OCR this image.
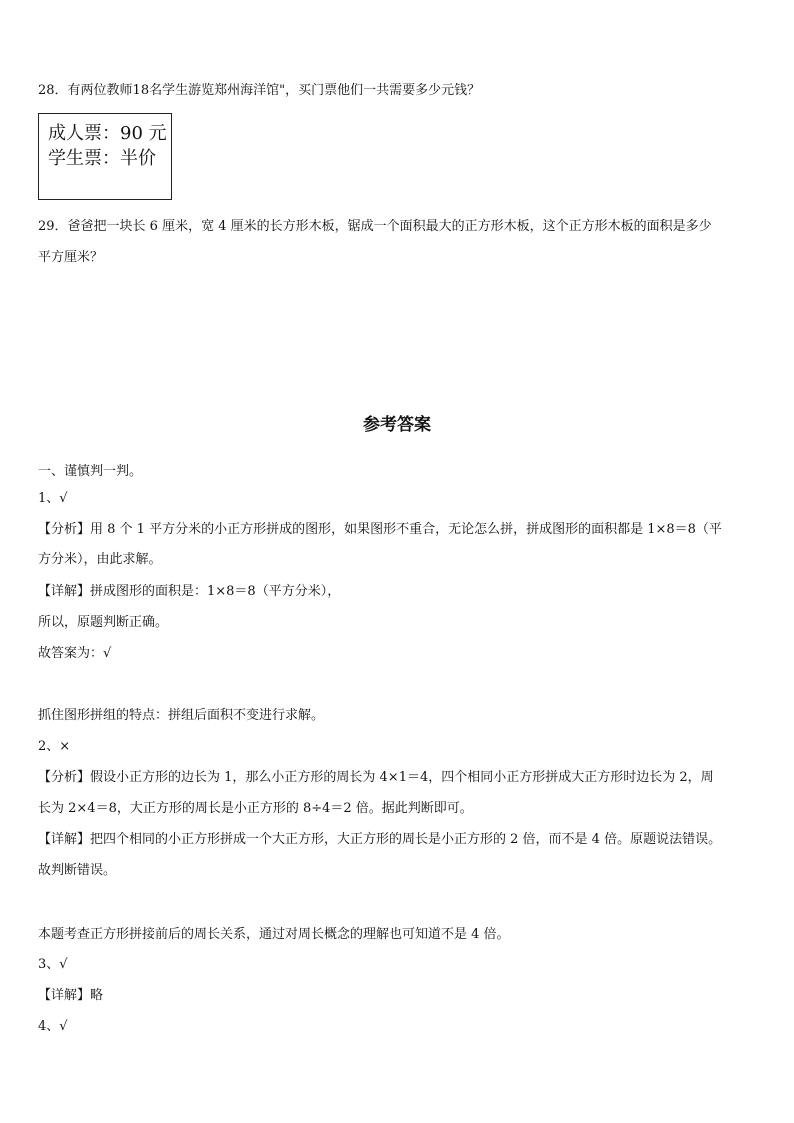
28．有两位教师18名学生游览郑州海洋馆"，买门票他们一共需要多少元钱？
成人票：90 元
学生票：半价
29．爸爸把一块长 6 厘米，宽 4 厘米的长方形木板，锯成一个面积最大的正方形木板，这个正方形木板的面积是多少
平方厘米？
参考答案
一、谨慎判一判。
1、√
【分析】用 8 个 1 平方分米的小正方形拼成的图形，如果图形不重合，无论怎么拼，拼成图形的面积都是 1×8＝8（平
方分米），由此求解。
【详解】拼成图形的面积是：1×8＝8（平方分米），
所以，原题判断正确。
故答案为：√
抓住图形拼组的特点：拼组后面积不变进行求解。
2、×
【分析】假设小正方形的边长为 1，那么小正方形的周长为 4×1＝4，四个相同小正方形拼成大正方形时边长为 2，周
长为 2×4＝8，大正方形的周长是小正方形的 8÷4＝2 倍。据此判断即可。
【详解】把四个相同的小正方形拼成一个大正方形，大正方形的周长是小正方形的 2 倍，而不是 4 倍。原题说法错误。
故判断错误。
本题考查正方形拼接前后的周长关系，通过对周长概念的理解也可知道不是 4 倍。
3、√
【详解】略
4、√
